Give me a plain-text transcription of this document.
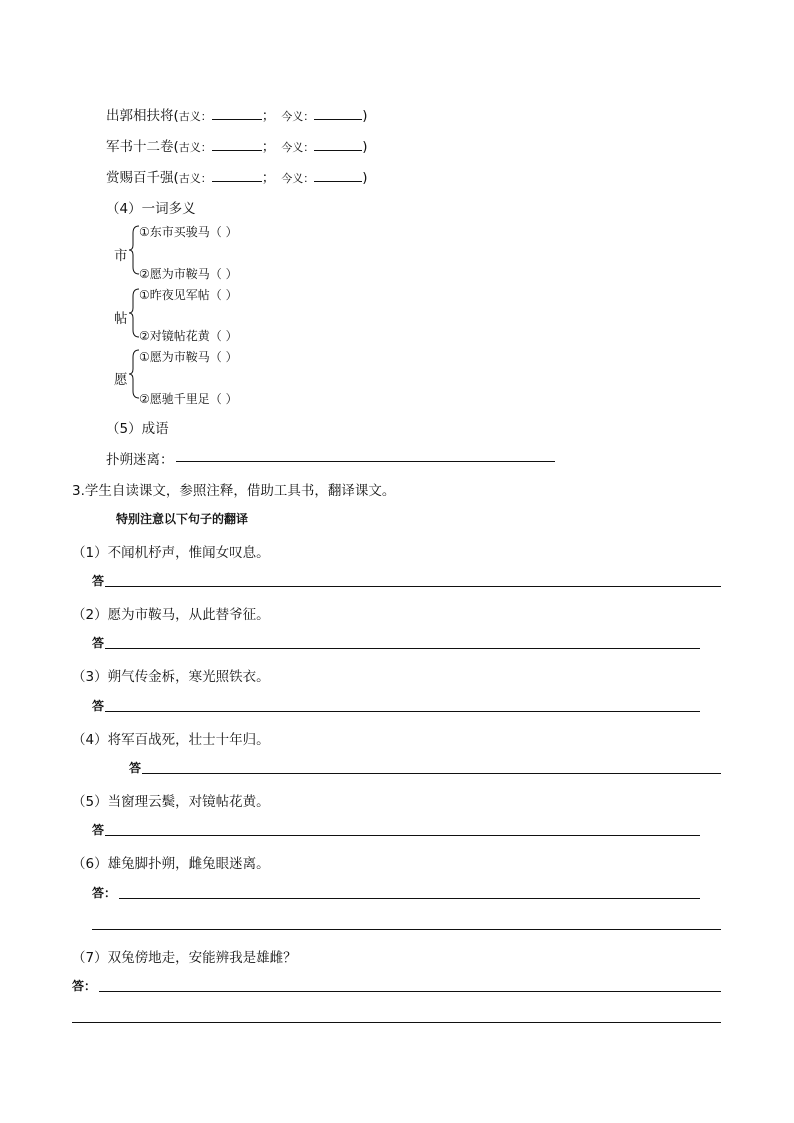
出郭相扶将(古义：	； 今义：	)
军书十二卷(古义：	； 今义：	)
赏赐百千强(古义：	； 今义：	)
（4）一词多义
市
①东市买骏马（ ）
②愿为市鞍马（ ）
帖
①昨夜见军帖（ ）
②对镜帖花黄（ ）
愿
①愿为市鞍马（ ）
②愿驰千里足（ ）
（5）成语
扑朔迷离：
3.学生自读课文，参照注释，借助工具书，翻译课文。
特别注意以下句子的翻译
（1）不闻机杼声，惟闻女叹息。
答
（2）愿为市鞍马，从此替爷征。
答
（3）朔气传金柝，寒光照铁衣。
答
（4）将军百战死，壮士十年归。
答
（5）当窗理云鬓，对镜帖花黄。
答
（6）雄兔脚扑朔，雌兔眼迷离。
答：
（7）双兔傍地走，安能辨我是雄雌？
答：
